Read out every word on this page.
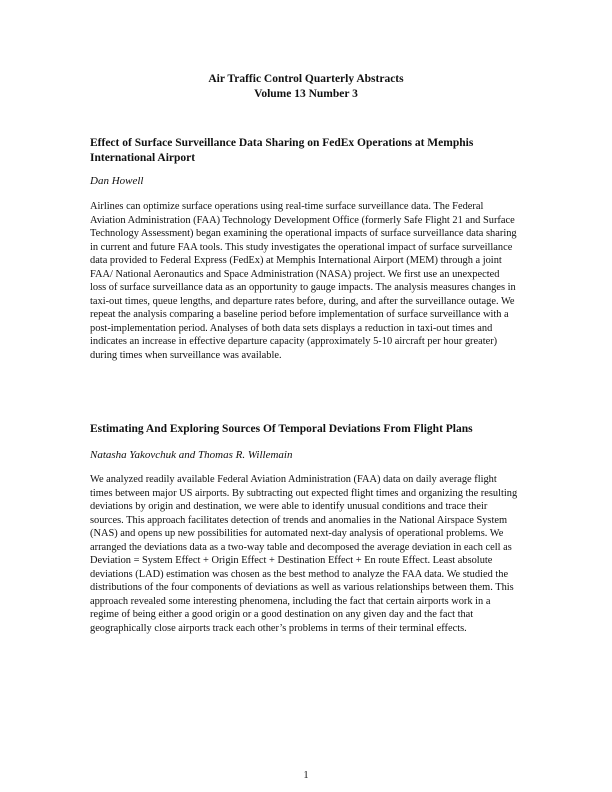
Air Traffic Control Quarterly Abstracts
Volume 13 Number 3

Effect of Surface Surveillance Data Sharing on FedEx Operations at Memphis International Airport

Dan Howell

Airlines can optimize surface operations using real-time surface surveillance data. The Federal Aviation Administration (FAA) Technology Development Office (formerly Safe Flight 21 and Surface Technology Assessment) began examining the operational impacts of surface surveillance data sharing in current and future FAA tools. This study investigates the operational impact of surface surveillance data provided to Federal Express (FedEx) at Memphis International Airport (MEM) through a joint FAA/ National Aeronautics and Space Administration (NASA) project. We first use an unexpected loss of surface surveillance data as an opportunity to gauge impacts. The analysis measures changes in taxi-out times, queue lengths, and departure rates before, during, and after the surveillance outage. We repeat the analysis comparing a baseline period before implementation of surface surveillance with a post-implementation period. Analyses of both data sets displays a reduction in taxi-out times and indicates an increase in effective departure capacity (approximately 5-10 aircraft per hour greater) during times when surveillance was available.

Estimating And Exploring Sources Of Temporal Deviations From Flight Plans

Natasha Yakovchuk and Thomas R. Willemain

We analyzed readily available Federal Aviation Administration (FAA) data on daily average flight times between major US airports. By subtracting out expected flight times and organizing the resulting deviations by origin and destination, we were able to identify unusual conditions and trace their sources. This approach facilitates detection of trends and anomalies in the National Airspace System (NAS) and opens up new possibilities for automated next-day analysis of operational problems. We arranged the deviations data as a two-way table and decomposed the average deviation in each cell as Deviation = System Effect + Origin Effect + Destination Effect + En route Effect. Least absolute deviations (LAD) estimation was chosen as the best method to analyze the FAA data. We studied the distributions of the four components of deviations as well as various relationships between them. This approach revealed some interesting phenomena, including the fact that certain airports work in a regime of being either a good origin or a good destination on any given day and the fact that geographically close airports track each other’s problems in terms of their terminal effects.

1
